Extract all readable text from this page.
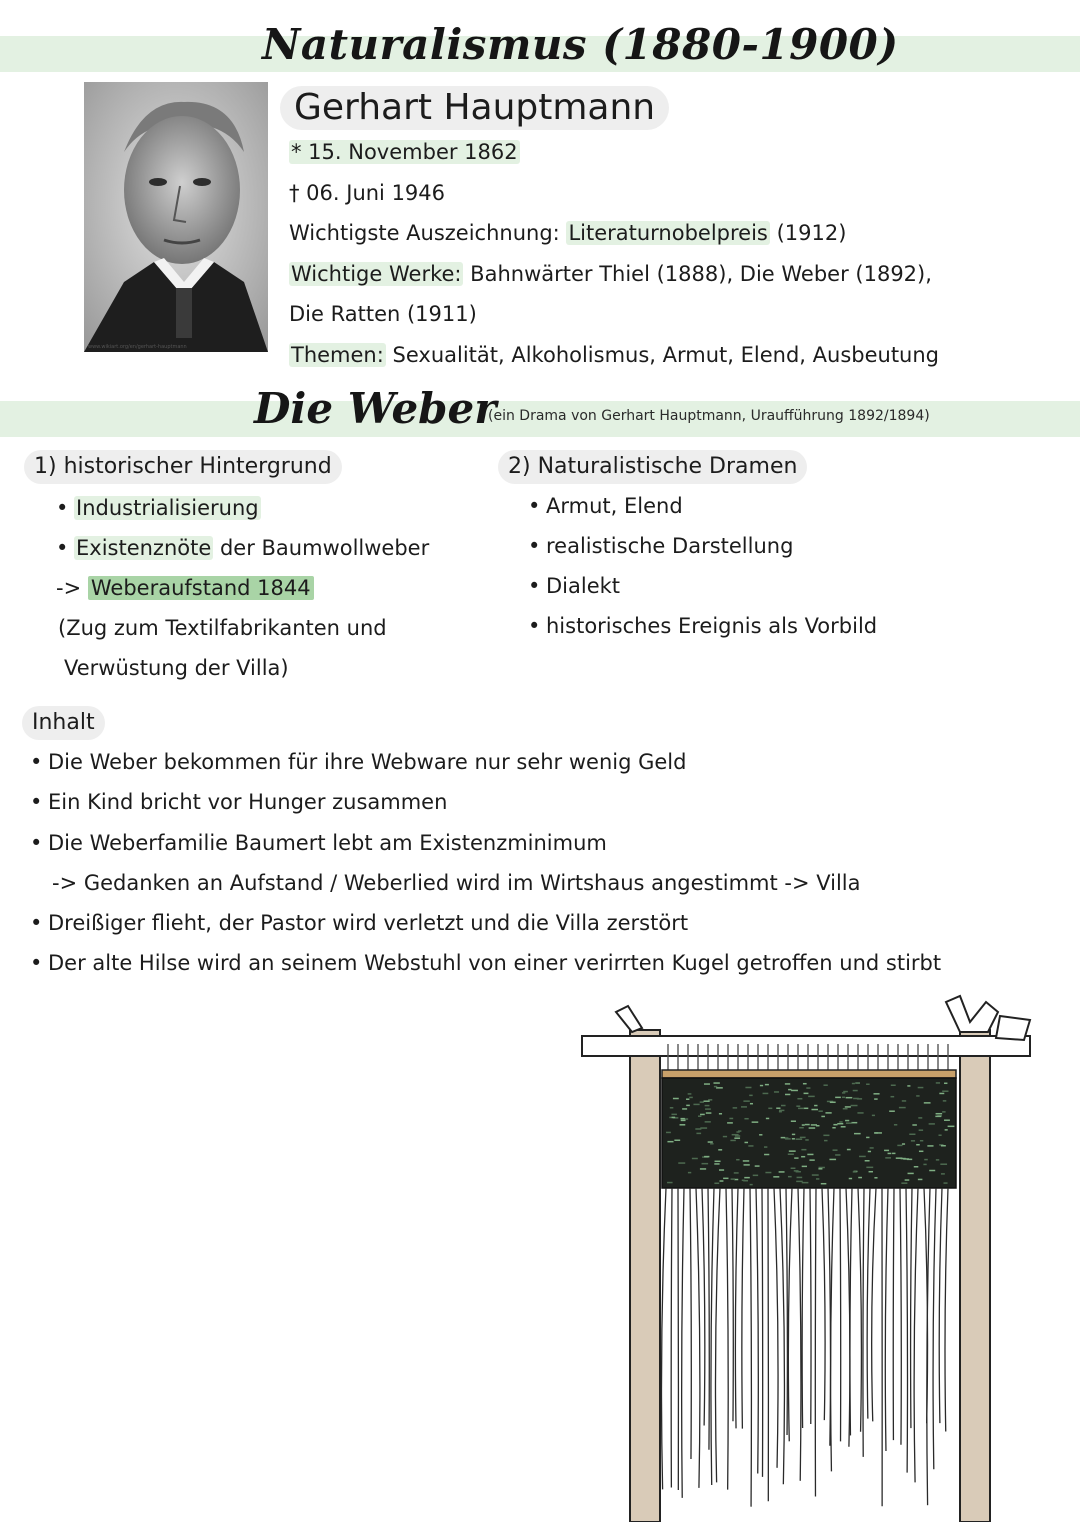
Naturalismus (1880-1900)
www.wikiart.org/en/gerhart-hauptmann
Gerhart Hauptmann
* 15. November 1862
† 06. Juni 1946
Wichtigste Auszeichnung: Literaturnobelpreis (1912)
Wichtige Werke: Bahnwärter Thiel (1888), Die Weber (1892),
Die Ratten (1911)
Themen: Sexualität, Alkoholismus, Armut, Elend, Ausbeutung
Die Weber
(ein Drama von Gerhart Hauptmann, Uraufführung 1892/1894)
1) historischer Hintergrund
• Industrialisierung
• Existenznöte der Baumwollweber
-> Weberaufstand 1844
(Zug zum Textilfabrikanten und
Verwüstung der Villa)
2) Naturalistische Dramen
• Armut, Elend
• realistische Darstellung
• Dialekt
• historisches Ereignis als Vorbild
Inhalt
• Die Weber bekommen für ihre Webware nur sehr wenig Geld
• Ein Kind bricht vor Hunger zusammen
• Die Weberfamilie Baumert lebt am Existenzminimum
-> Gedanken an Aufstand / Weberlied wird im Wirtshaus angestimmt -> Villa
• Dreißiger flieht, der Pastor wird verletzt und die Villa zerstört
• Der alte Hilse wird an seinem Webstuhl von einer verirrten Kugel getroffen und stirbt
